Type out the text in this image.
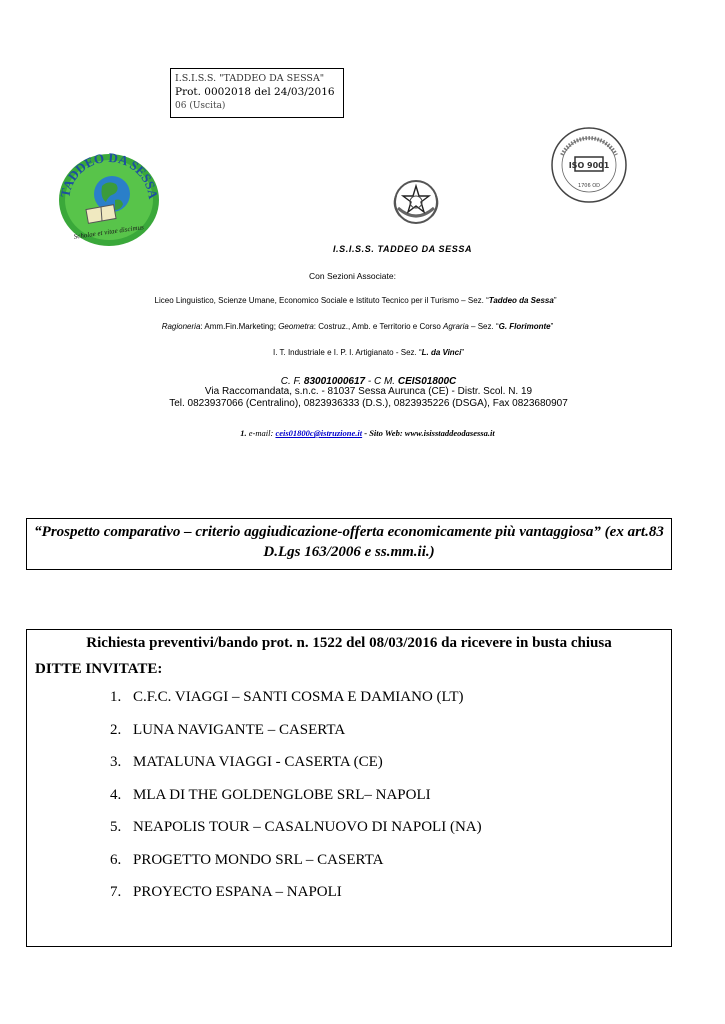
I.S.I.S.S. "TADDEO DA SESSA"
Prot. 0002018 del 24/03/2016
06 (Uscita)
TADDEO DA SESSA
Scholae et vitae discimus
ISO 9001
1706 OD
I.S.I.S.S. TADDEO DA SESSA
Con Sezioni Associate:
Liceo Linguistico, Scienze Umane, Economico Sociale e Istituto Tecnico per il Turismo – Sez. “Taddeo da Sessa”
Ragioneria: Amm.Fin.Marketing; Geometra: Costruz., Amb. e Territorio e Corso Agraria – Sez. “G. Florimonte”
I. T. Industriale e I. P. I. Artigianato - Sez. “L. da Vinci”
C. F. 83001000617 - C M. CEIS01800C
Via Raccomandata, s.n.c. - 81037 Sessa Aurunca (CE) - Distr. Scol. N. 19
Tel. 0823937066 (Centralino), 0823936333 (D.S.), 0823935226 (DSGA), Fax 0823680907
1. e-mail: ceis01800c@istruzione.it - Sito Web: www.isisstaddeodasessa.it
“Prospetto comparativo – criterio aggiudicazione-offerta economicamente più vantaggiosa” (ex art.83
D.Lgs 163/2006 e ss.mm.ii.)
Richiesta preventivi/bando prot. n. 1522 del 08/03/2016 da ricevere in busta chiusa
DITTE INVITATE:
1. C.F.C. VIAGGI – SANTI COSMA E DAMIANO (LT)
2. LUNA NAVIGANTE – CASERTA
3. MATALUNA VIAGGI - CASERTA (CE)
4. MLA DI THE GOLDENGLOBE SRL– NAPOLI
5. NEAPOLIS TOUR – CASALNUOVO DI NAPOLI (NA)
6. PROGETTO MONDO SRL – CASERTA
7. PROYECTO ESPANA – NAPOLI
